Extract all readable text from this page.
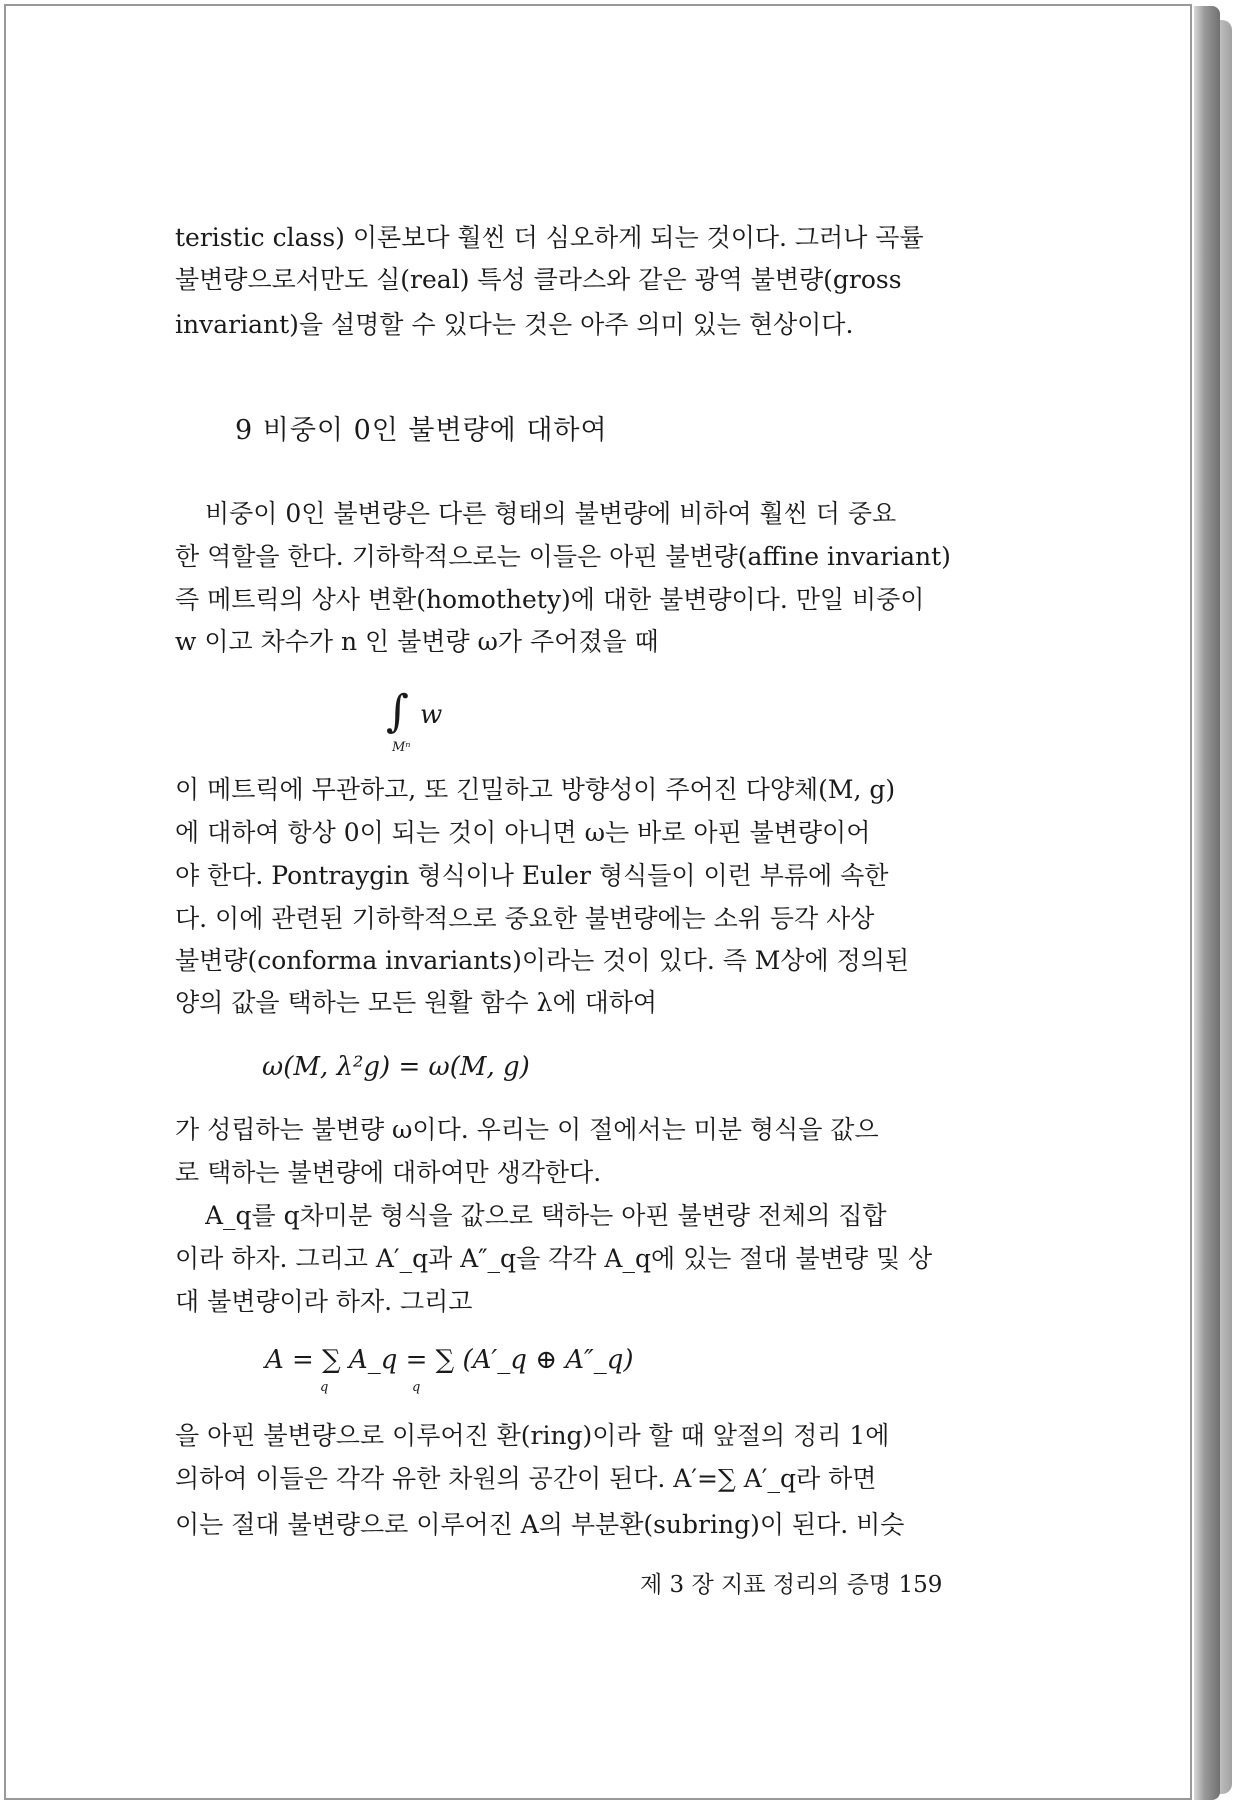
teristic class) 이론보다 훨씬 더 심오하게 되는 것이다. 그러나 곡률
불변량으로서만도 실(real) 특성 클라스와 같은 광역 불변량(gross
invariant)을 설명할 수 있다는 것은 아주 의미 있는 현상이다.
9 비중이 0인 불변량에 대하여
비중이 0인 불변량은 다른 형태의 불변량에 비하여 훨씬 더 중요
한 역할을 한다. 기하학적으로는 이들은 아핀 불변량(affine invariant)
즉 메트릭의 상사 변환(homothety)에 대한 불변량이다. 만일 비중이
w 이고 차수가 n 인 불변량 ω가 주어졌을 때
∫
Mⁿ
w
이 메트릭에 무관하고, 또 긴밀하고 방향성이 주어진 다양체(M, g)
에 대하여 항상 0이 되는 것이 아니면 ω는 바로 아핀 불변량이어
야 한다. Pontraygin 형식이나 Euler 형식들이 이런 부류에 속한
다. 이에 관련된 기하학적으로 중요한 불변량에는 소위 등각 사상
불변량(conforma invariants)이라는 것이 있다. 즉 M상에 정의된
양의 값을 택하는 모든 원활 함수 λ에 대하여
ω(M, λ²g) = ω(M, g)
가 성립하는 불변량 ω이다. 우리는 이 절에서는 미분 형식을 값으
로 택하는 불변량에 대하여만 생각한다.
A_q를 q차미분 형식을 값으로 택하는 아핀 불변량 전체의 집합
이라 하자. 그리고 A′_q과 A″_q을 각각 A_q에 있는 절대 불변량 및 상
대 불변량이라 하자. 그리고
A = ∑ A_q = ∑ (A′_q ⊕ A″_q)
q	q
을 아핀 불변량으로 이루어진 환(ring)이라 할 때 앞절의 정리 1에
의하여 이들은 각각 유한 차원의 공간이 된다. A′=∑ A′_q라 하면
이는 절대 불변량으로 이루어진 A의 부분환(subring)이 된다. 비슷
제 3 장 지표 정리의 증명 159
